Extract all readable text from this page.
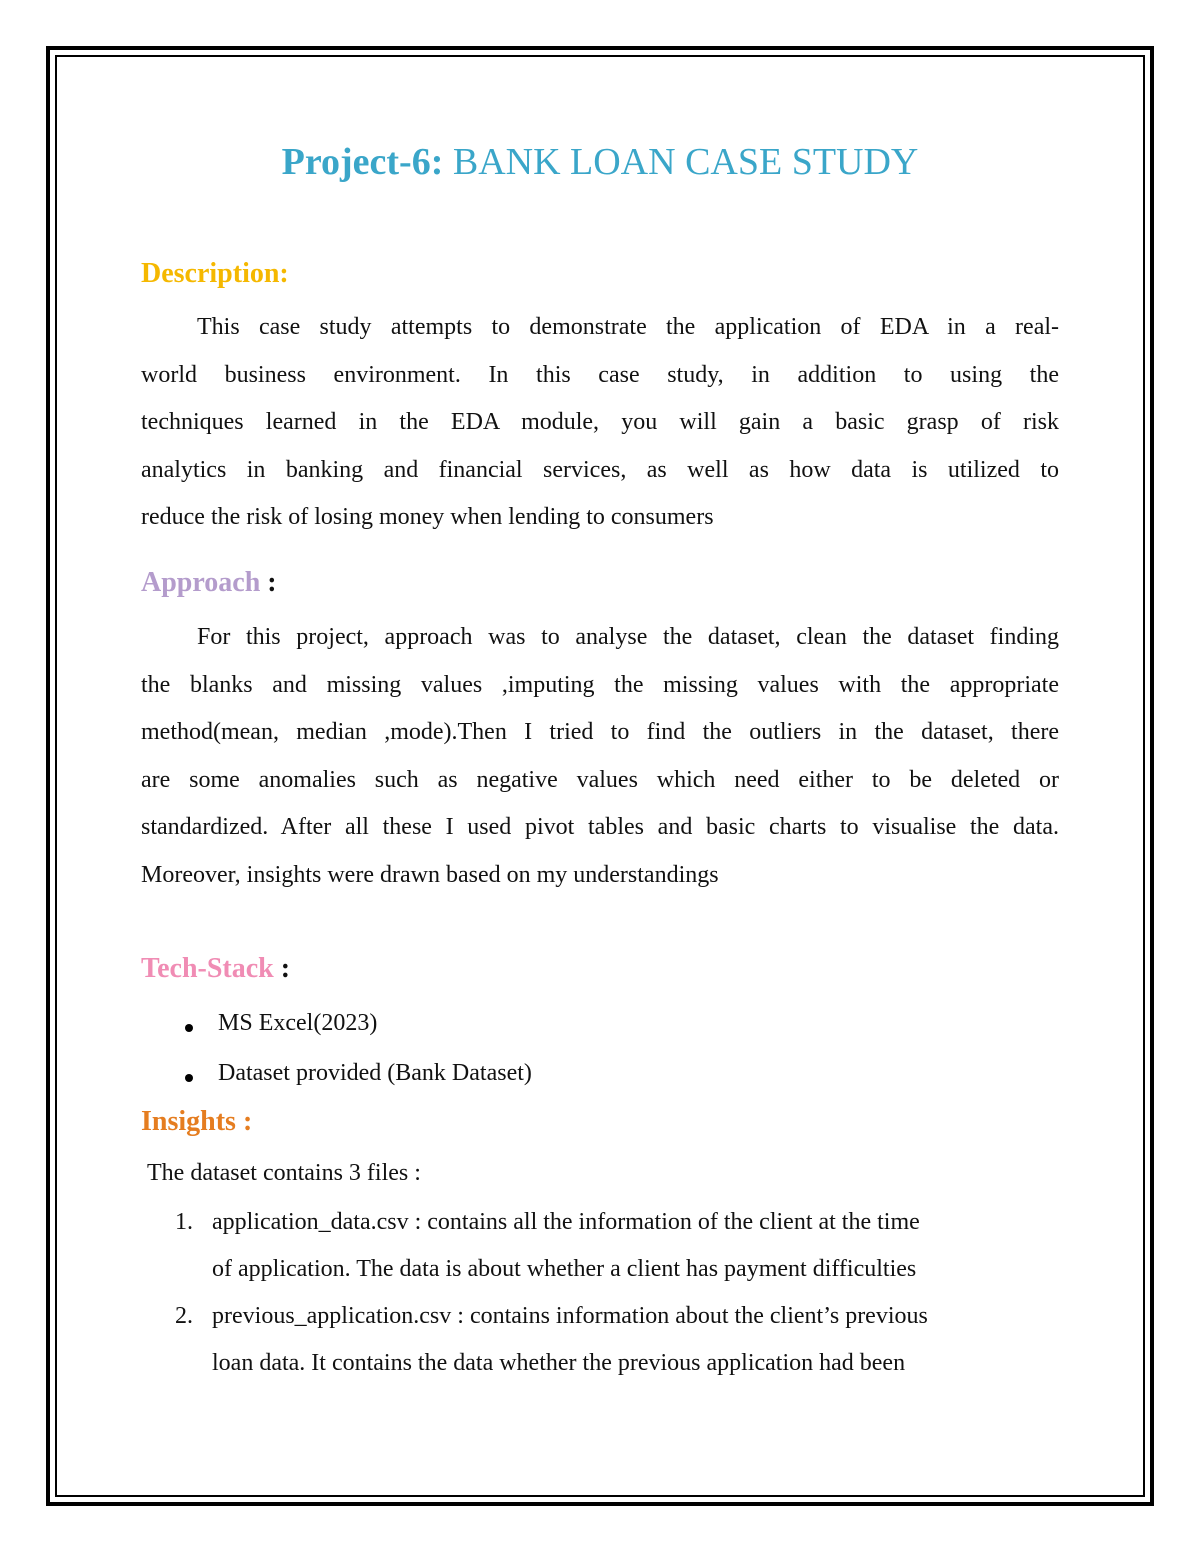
Project-6: BANK LOAN CASE STUDY
Description:
This case study attempts to demonstrate the application of EDA in a real-
world business environment. In this case study, in addition to using the
techniques learned in the EDA module, you will gain a basic grasp of risk
analytics in banking and financial services, as well as how data is utilized to
reduce the risk of losing money when lending to consumers
Approach :
For this project, approach was to analyse the dataset, clean the dataset finding
the blanks and missing values ,imputing the missing values with the appropriate
method(mean, median ,mode).Then I tried to find the outliers in the dataset, there
are some anomalies such as negative values which need either to be deleted or
standardized. After all these I used pivot tables and basic charts to visualise the data.
Moreover, insights were drawn based on my understandings
Tech-Stack :
MS Excel(2023)
Dataset provided (Bank Dataset)
Insights :
The dataset contains 3 files :
1. application_data.csv : contains all the information of the client at the time
of application. The data is about whether a client has payment difficulties
2. previous_application.csv : contains information about the client’s previous
loan data. It contains the data whether the previous application had been
